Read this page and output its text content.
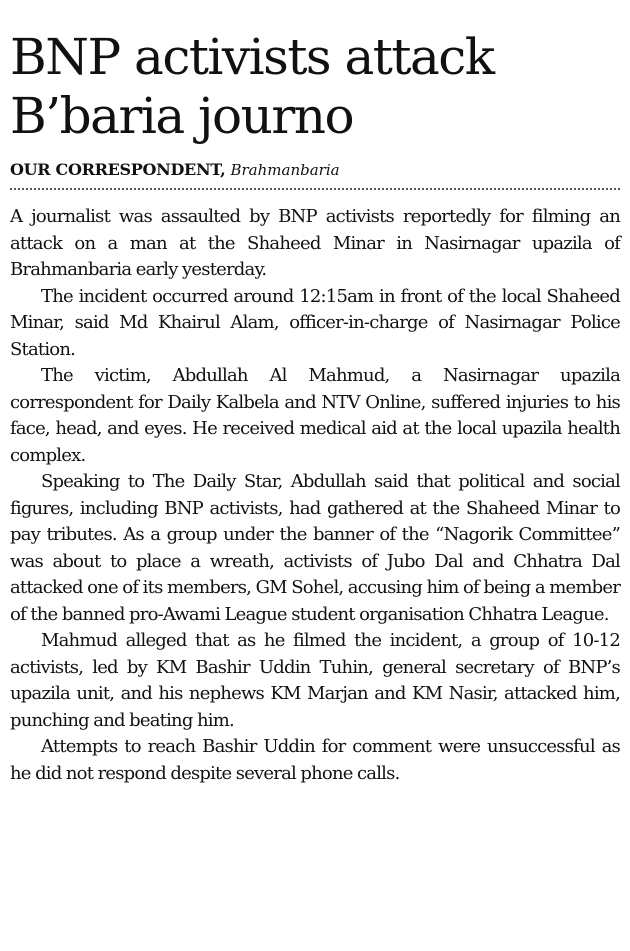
BNP activists attack
B’baria journo
OUR CORRESPONDENT, Brahmanbaria

A journalist was assaulted by BNP activists reportedly for filming an attack on a man at the Shaheed Minar in Nasirnagar upazila of Brahmanbaria early yesterday.

The incident occurred around 12:15am in front of the local Shaheed Minar, said Md Khairul Alam, officer-in-charge of Nasirnagar Police Station.

The victim, Abdullah Al Mahmud, a Nasirnagar upazila correspondent for Daily Kalbela and NTV Online, suffered injuries to his face, head, and eyes. He received medical aid at the local upazila health complex.

Speaking to The Daily Star, Abdullah said that political and social figures, including BNP activists, had gathered at the Shaheed Minar to pay tributes. As a group under the banner of the “Nagorik Committee” was about to place a wreath, activists of Jubo Dal and Chhatra Dal attacked one of its members, GM Sohel, accusing him of being a member of the banned pro-Awami League student organisation Chhatra League.

Mahmud alleged that as he filmed the incident, a group of 10-12 activists, led by KM Bashir Uddin Tuhin, general secretary of BNP’s upazila unit, and his nephews KM Marjan and KM Nasir, attacked him, punching and beating him.

Attempts to reach Bashir Uddin for comment were unsuccessful as he did not respond despite several phone calls.
